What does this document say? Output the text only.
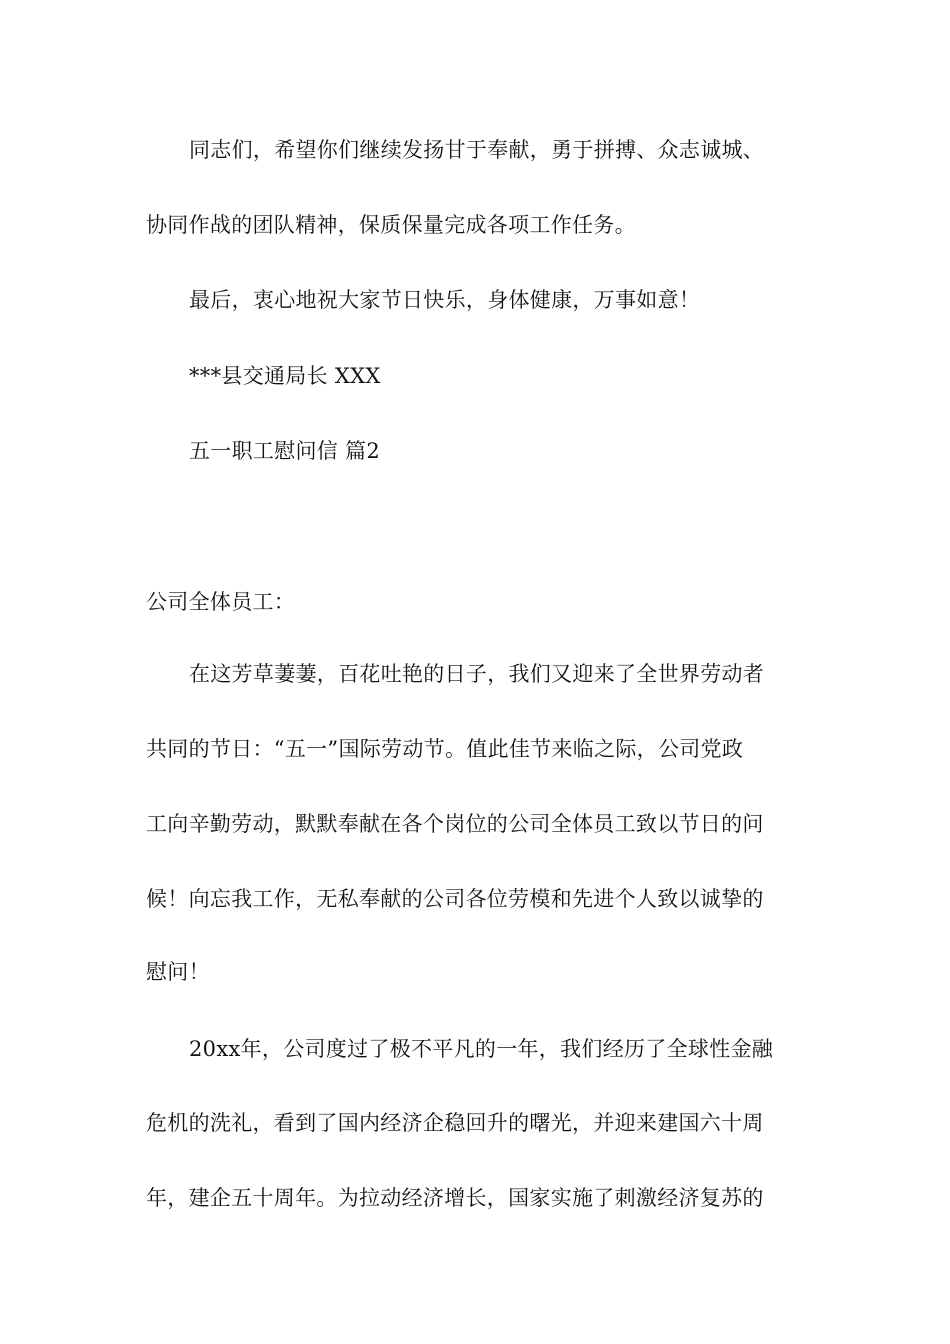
同志们，希望你们继续发扬甘于奉献，勇于拼搏、众志诚城、
协同作战的团队精神，保质保量完成各项工作任务。
最后，衷心地祝大家节日快乐，身体健康，万事如意！
***县交通局长 XXX
五一职工慰问信 篇2
公司全体员工：
在这芳草萋萋，百花吐艳的日子，我们又迎来了全世界劳动者
共同的节日：“五一”国际劳动节。值此佳节来临之际，公司党政
工向辛勤劳动，默默奉献在各个岗位的公司全体员工致以节日的问
候！向忘我工作，无私奉献的公司各位劳模和先进个人致以诚挚的
慰问！
20xx年，公司度过了极不平凡的一年，我们经历了全球性金融
危机的洗礼，看到了国内经济企稳回升的曙光，并迎来建国六十周
年，建企五十周年。为拉动经济增长，国家实施了刺激经济复苏的
